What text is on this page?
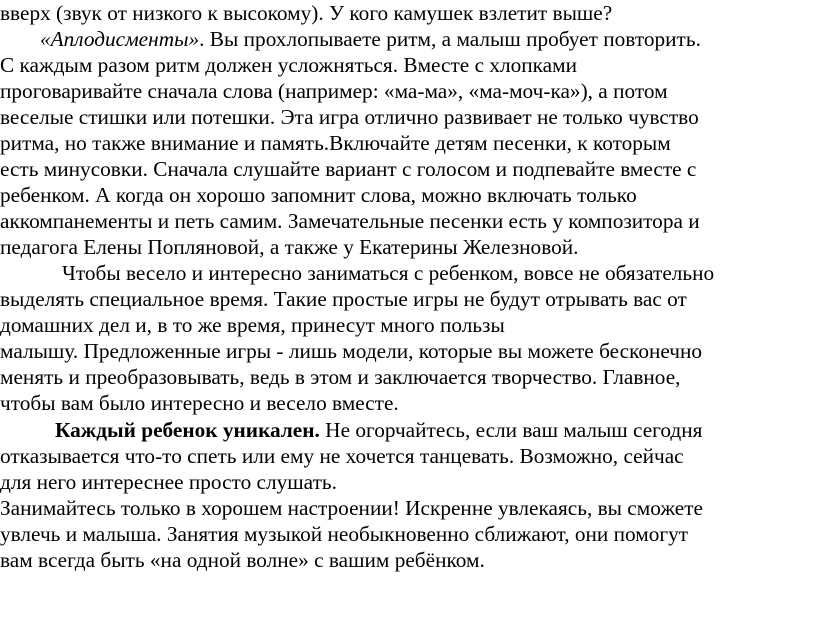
вверх (звук от низкого к высокому). У кого камушек взлетит выше?
«Аплодисменты». Вы прохлопываете ритм, а малыш пробует повторить.
С каждым разом ритм должен усложняться. Вместе с хлопками
проговаривайте сначала слова (например: «ма-ма», «ма-моч-ка»), а потом
веселые стишки или потешки. Эта игра отлично развивает не только чувство
ритма, но также внимание и память.Включайте детям песенки, к которым
есть минусовки. Сначала слушайте вариант с голосом и подпевайте вместе с
ребенком. А когда он хорошо запомнит слова, можно включать только
аккомпанементы и петь самим. Замечательные песенки есть у композитора и
педагога Елены Попляновой, а также у Екатерины Железновой.
Чтобы весело и интересно заниматься с ребенком, вовсе не обязательно
выделять специальное время. Такие простые игры не будут отрывать вас от
домашних дел и, в то же время, принесут много пользы
малышу. Предложенные игры - лишь модели, которые вы можете бесконечно
менять и преобразовывать, ведь в этом и заключается творчество. Главное,
чтобы вам было интересно и весело вместе.
Каждый ребенок уникален. Не огорчайтесь, если ваш малыш сегодня
отказывается что-то спеть или ему не хочется танцевать. Возможно, сейчас
для него интереснее просто слушать.
Занимайтесь только в хорошем настроении! Искренне увлекаясь, вы сможете
увлечь и малыша. Занятия музыкой необыкновенно сближают, они помогут
вам всегда быть «на одной волне» с вашим ребёнком.
